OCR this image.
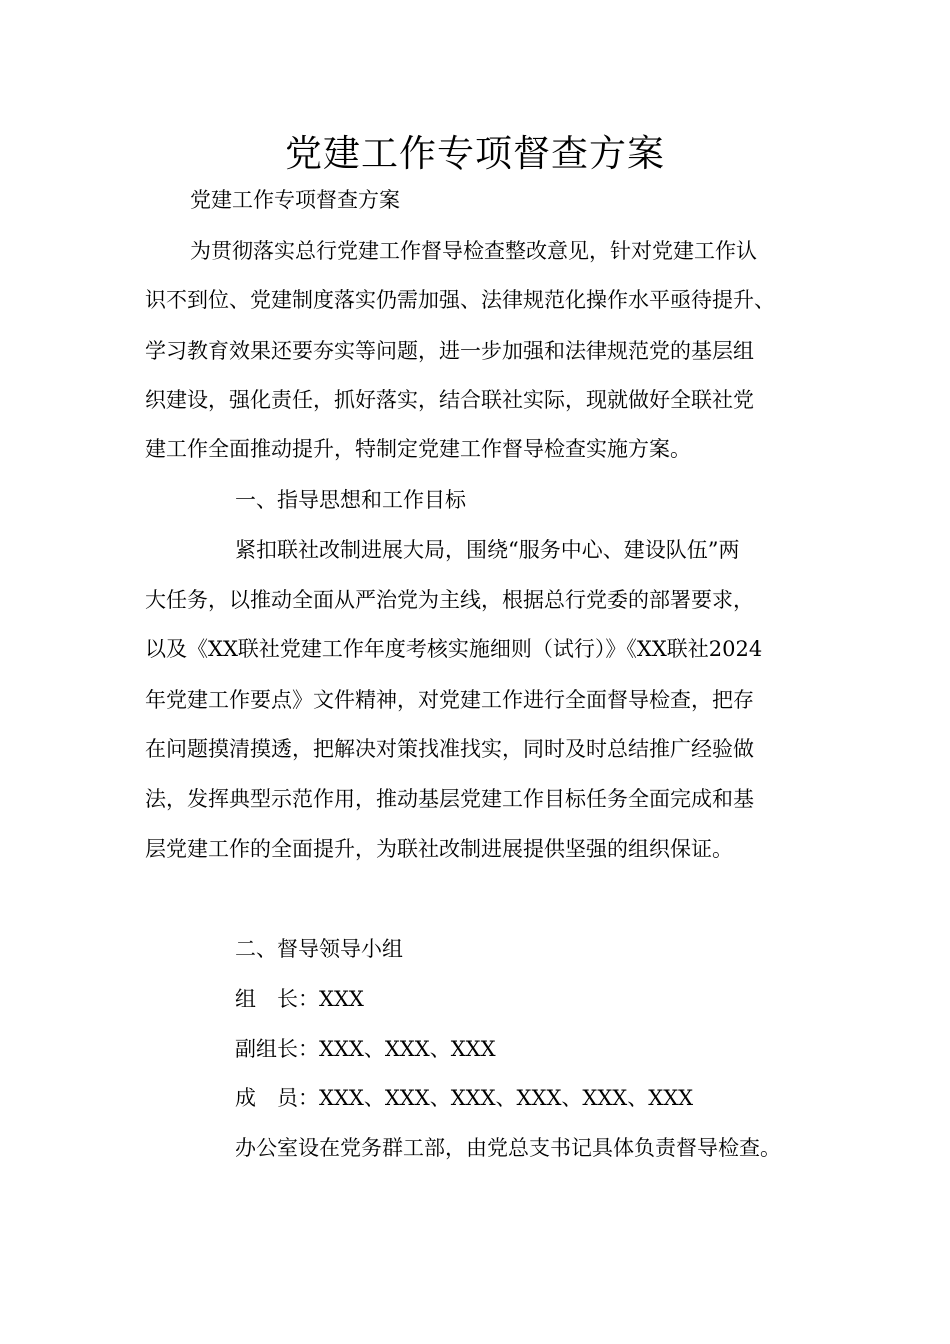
党建工作专项督查方案

党建工作专项督查方案

为贯彻落实总行党建工作督导检查整改意见，针对党建工作认

识不到位、党建制度落实仍需加强、法律规范化操作水平亟待提升、

学习教育效果还要夯实等问题，进一步加强和法律规范党的基层组

织建设，强化责任，抓好落实，结合联社实际，现就做好全联社党

建工作全面推动提升，特制定党建工作督导检查实施方案。

一、指导思想和工作目标

紧扣联社改制进展大局，围绕“服务中心、建设队伍”两

大任务，以推动全面从严治党为主线，根据总行党委的部署要求，

以及《XX联社党建工作年度考核实施细则（试行）》《XX联社2024

年党建工作要点》文件精神，对党建工作进行全面督导检查，把存

在问题摸清摸透，把解决对策找准找实，同时及时总结推广经验做

法，发挥典型示范作用，推动基层党建工作目标任务全面完成和基

层党建工作的全面提升，为联社改制进展提供坚强的组织保证。

二、督导领导小组

组　长：XXX

副组长：XXX、XXX、XXX

成　员：XXX、XXX、XXX、XXX、XXX、XXX

办公室设在党务群工部，由党总支书记具体负责督导检查。
